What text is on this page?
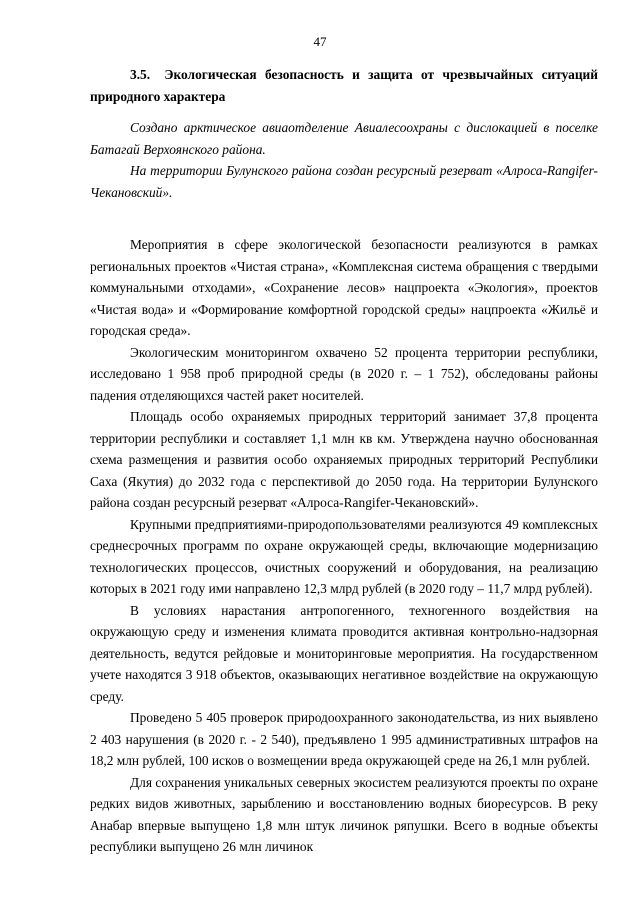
47

3.5. Экологическая безопасность и защита от чрезвычайных ситуаций природного характера

Создано арктическое авиаотделение Авиалесоохраны с дислокацией в поселке Батагай Верхоянского района.

На территории Булунского района создан ресурсный резерват «Алроса-Rangifer-Чекановский».

Мероприятия в сфере экологической безопасности реализуются в рамках региональных проектов «Чистая страна», «Комплексная система обращения с твердыми коммунальными отходами», «Сохранение лесов» нацпроекта «Экология», проектов «Чистая вода» и «Формирование комфортной городской среды» нацпроекта «Жильё и городская среда».

Экологическим мониторингом охвачено 52 процента территории республики, исследовано 1 958 проб природной среды (в 2020 г. – 1 752), обследованы районы падения отделяющихся частей ракет носителей.

Площадь особо охраняемых природных территорий занимает 37,8 процента территории республики и составляет 1,1 млн кв км. Утверждена научно обоснованная схема размещения и развития особо охраняемых природных территорий Республики Саха (Якутия) до 2032 года с перспективой до 2050 года. На территории Булунского района создан ресурсный резерват «Алроса-Rangifer-Чекановский».

Крупными предприятиями-природопользователями реализуются 49 комплексных среднесрочных программ по охране окружающей среды, включающие модернизацию технологических процессов, очистных сооружений и оборудования, на реализацию которых в 2021 году ими направлено 12,3 млрд рублей (в 2020 году – 11,7 млрд рублей).

В условиях нарастания антропогенного, техногенного воздействия на окружающую среду и изменения климата проводится активная контрольно-надзорная деятельность, ведутся рейдовые и мониторинговые мероприятия. На государственном учете находятся 3 918 объектов, оказывающих негативное воздействие на окружающую среду.

Проведено 5 405 проверок природоохранного законодательства, из них выявлено 2 403 нарушения (в 2020 г. - 2 540), предъявлено 1 995 административных штрафов на 18,2 млн рублей, 100 исков о возмещении вреда окружающей среде на 26,1 млн рублей.

Для сохранения уникальных северных экосистем реализуются проекты по охране редких видов животных, зарыблению и восстановлению водных биоресурсов. В реку Анабар впервые выпущено 1,8 млн штук личинок ряпушки. Всего в водные объекты республики выпущено 26 млн личинок
